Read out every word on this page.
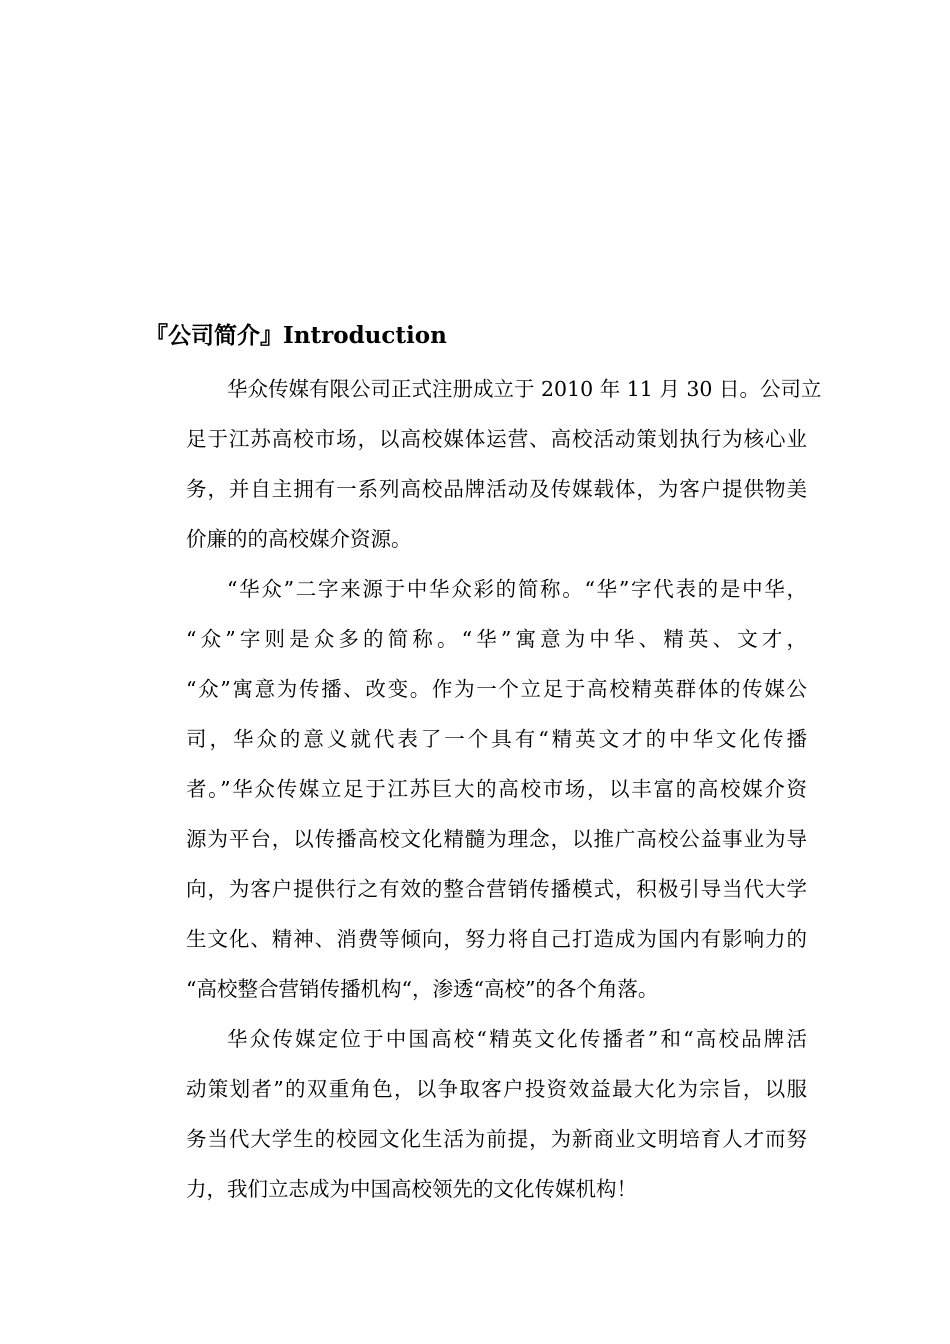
『公司简介』Introduction
华众传媒有限公司正式注册成立于 2010 年 11 月 30 日。公司立
足于江苏高校市场，以高校媒体运营、高校活动策划执行为核心业
务，并自主拥有一系列高校品牌活动及传媒载体，为客户提供物美
价廉的的高校媒介资源。
“华众”二字来源于中华众彩的简称。“华”字代表的是中华，
“众”字则是众多的简称。“华”寓意为中华、精英、文才，
“众”寓意为传播、改变。作为一个立足于高校精英群体的传媒公
司，华众的意义就代表了一个具有“精英文才的中华文化传播
者。”华众传媒立足于江苏巨大的高校市场，以丰富的高校媒介资
源为平台，以传播高校文化精髓为理念，以推广高校公益事业为导
向，为客户提供行之有效的整合营销传播模式，积极引导当代大学
生文化、精神、消费等倾向，努力将自己打造成为国内有影响力的
“高校整合营销传播机构“，渗透“高校”的各个角落。
华众传媒定位于中国高校“精英文化传播者”和“高校品牌活
动策划者”的双重角色，以争取客户投资效益最大化为宗旨，以服
务当代大学生的校园文化生活为前提，为新商业文明培育人才而努
力，我们立志成为中国高校领先的文化传媒机构！
